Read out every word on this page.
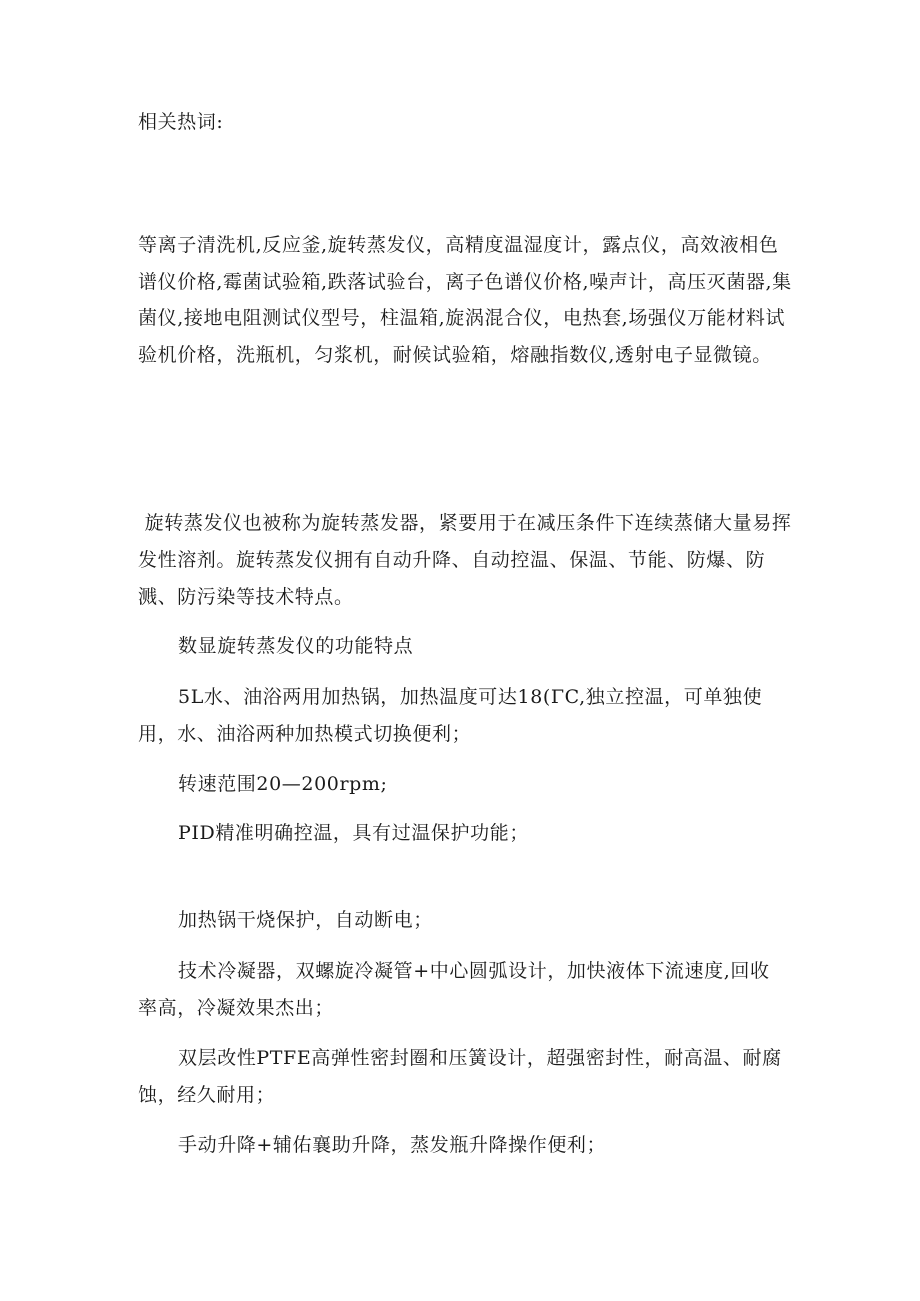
相关热词:
等离子清洗机,反应釜,旋转蒸发仪，高精度温湿度计，露点仪，高效液相色谱仪价格,霉菌试验箱,跌落试验台，离子色谱仪价格,噪声计，高压灭菌器,集菌仪,接地电阻测试仪型号，柱温箱,旋涡混合仪，电热套,场强仪万能材料试验机价格，洗瓶机，匀浆机，耐候试验箱，熔融指数仪,透射电子显微镜。
旋转蒸发仪也被称为旋转蒸发器，紧要用于在减压条件下连续蒸储大量易挥发性溶剂。旋转蒸发仪拥有自动升降、自动控温、保温、节能、防爆、防溅、防污染等技术特点。
数显旋转蒸发仪的功能特点
5L水、油浴两用加热锅，加热温度可达18(ΓC,独立控温，可单独使
用，水、油浴两种加热模式切换便利；
转速范围20—200rpm;
PID精准明确控温，具有过温保护功能；
加热锅干烧保护，自动断电；
技术冷凝器，双螺旋冷凝管+中心圆弧设计，加快液体下流速度,回收
率高，冷凝效果杰出；
双层改性PTFE高弹性密封圈和压簧设计，超强密封性，耐高温、耐腐
蚀，经久耐用；
手动升降+辅佑襄助升降，蒸发瓶升降操作便利；
